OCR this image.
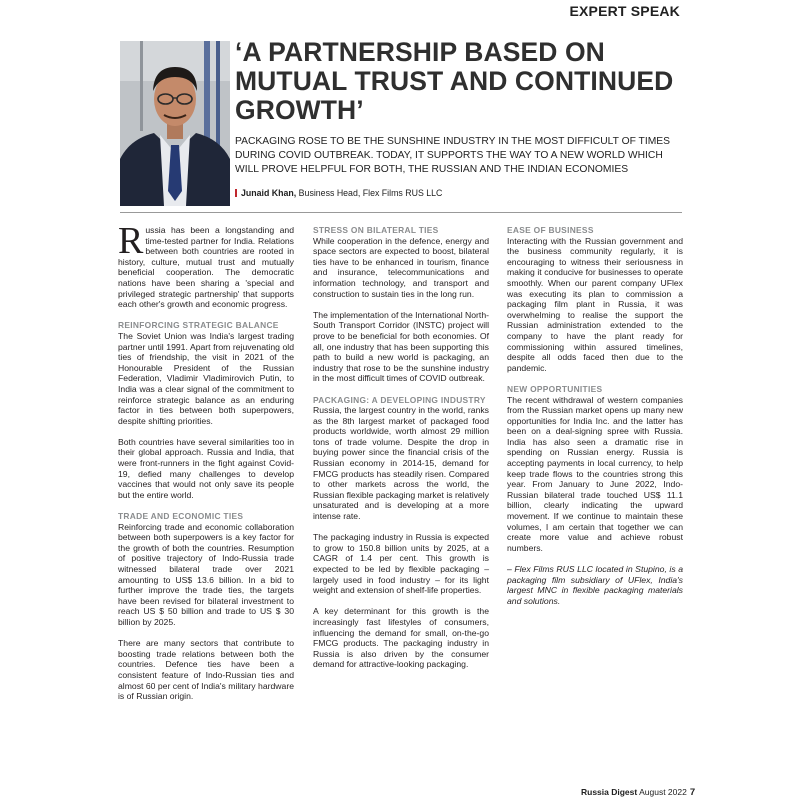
EXPERT SPEAK
‘A PARTNERSHIP BASED ON MUTUAL TRUST AND CONTINUED GROWTH’

PACKAGING ROSE TO BE THE SUNSHINE INDUSTRY IN THE MOST DIFFICULT OF TIMES DURING COVID OUTBREAK. TODAY, IT SUPPORTS THE WAY TO A NEW WORLD WHICH WILL PROVE HELPFUL FOR BOTH, THE RUSSIAN AND THE INDIAN ECONOMIES

Junaid Khan, Business Head, Flex Films RUS LLC

Russia has been a longstanding and time-tested partner for India. Relations between both countries are rooted in history, culture, mutual trust and mutually beneficial cooperation. The democratic nations have been sharing a 'special and privileged strategic partnership' that supports each other's growth and economic progress.

REINFORCING STRATEGIC BALANCE

The Soviet Union was India's largest trading partner until 1991. Apart from rejuvenating old ties of friendship, the visit in 2021 of the Honourable President of the Russian Federation, Vladimir Vladimirovich Putin, to India was a clear signal of the commitment to reinforce strategic balance as an enduring factor in ties between both superpowers, despite shifting priorities.

Both countries have several similarities too in their global approach. Russia and India, that were front-runners in the fight against Covid-19, defied many challenges to develop vaccines that would not only save its people but the entire world.

TRADE AND ECONOMIC TIES

Reinforcing trade and economic collaboration between both superpowers is a key factor for the growth of both the countries. Resumption of positive trajectory of Indo-Russia trade witnessed bilateral trade over 2021 amounting to US$ 13.6 billion. In a bid to further improve the trade ties, the targets have been revised for bilateral investment to reach US $ 50 billion and trade to US $ 30 billion by 2025.

There are many sectors that contribute to boosting trade relations between both the countries. Defence ties have been a consistent feature of Indo-Russian ties and almost 60 per cent of India's military hardware is of Russian origin.

STRESS ON BILATERAL TIES

While cooperation in the defence, energy and space sectors are expected to boost, bilateral ties have to be enhanced in tourism, finance and insurance, telecommunications and information technology, and transport and construction to sustain ties in the long run.

The implementation of the International North-South Transport Corridor (INSTC) project will prove to be beneficial for both economies. Of all, one industry that has been supporting this path to build a new world is packaging, an industry that rose to be the sunshine industry in the most difficult times of COVID outbreak.

PACKAGING: A DEVELOPING INDUSTRY

Russia, the largest country in the world, ranks as the 8th largest market of packaged food products worldwide, worth almost 29 million tons of trade volume. Despite the drop in buying power since the financial crisis of the Russian economy in 2014-15, demand for FMCG products has steadily risen. Compared to other markets across the world, the Russian flexible packaging market is relatively unsaturated and is developing at a more intense rate.

The packaging industry in Russia is expected to grow to 150.8 billion units by 2025, at a CAGR of 1.4 per cent. This growth is expected to be led by flexible packaging – largely used in food industry – for its light weight and extension of shelf-life properties.

A key determinant for this growth is the increasingly fast lifestyles of consumers, influencing the demand for small, on-the-go FMCG products. The packaging industry in Russia is also driven by the consumer demand for attractive-looking packaging.

EASE OF BUSINESS

Interacting with the Russian government and the business community regularly, it is encouraging to witness their seriousness in making it conducive for businesses to operate smoothly. When our parent company UFlex was executing its plan to commission a packaging film plant in Russia, it was overwhelming to realise the support the Russian administration extended to the company to have the plant ready for commissioning within assured timelines, despite all odds faced then due to the pandemic.

NEW OPPORTUNITIES

The recent withdrawal of western companies from the Russian market opens up many new opportunities for India Inc. and the latter has been on a deal-signing spree with Russia. India has also seen a dramatic rise in spending on Russian energy. Russia is accepting payments in local currency, to help keep trade flows to the countries strong this year. From January to June 2022, Indo-Russian bilateral trade touched US$ 11.1 billion, clearly indicating the upward movement. If we continue to maintain these volumes, I am certain that together we can create more value and achieve robust numbers.

– Flex Films RUS LLC located in Stupino, is a packaging film subsidiary of UFlex, India's largest MNC in flexible packaging materials and solutions.

Russia Digest August 2022 7
